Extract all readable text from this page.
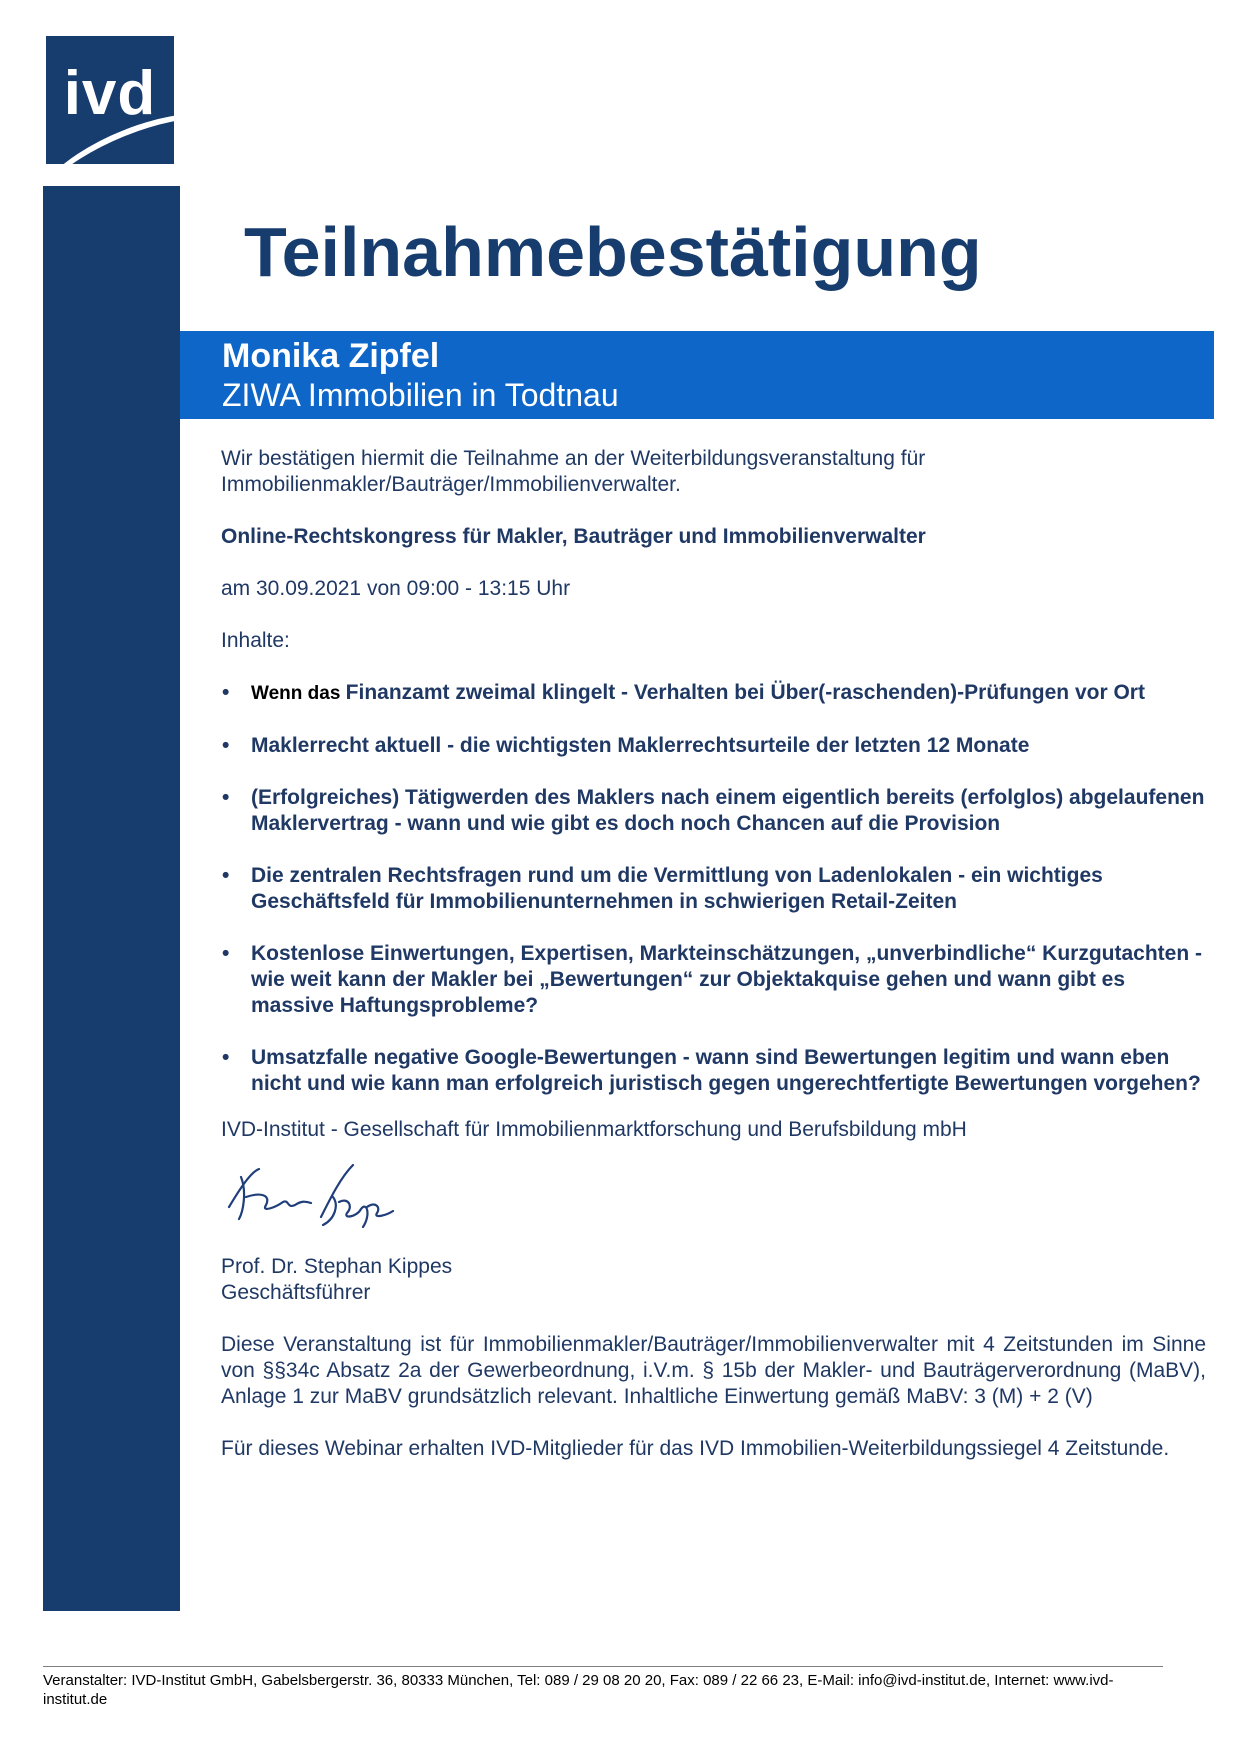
ivd
Teilnahmebestätigung
Monika Zipfel
ZIWA Immobilien in Todtnau

Wir bestätigen hiermit die Teilnahme an der Weiterbildungsveranstaltung für Immobilienmakler/Bauträger/Immobilienverwalter.

Online-Rechtskongress für Makler, Bauträger und Immobilienverwalter

am 30.09.2021 von 09:00 - 13:15 Uhr

Inhalte:

• Wenn das Finanzamt zweimal klingelt - Verhalten bei Über(-raschenden)-Prüfungen vor Ort
• Maklerrecht aktuell - die wichtigsten Maklerrechtsurteile der letzten 12 Monate
• (Erfolgreiches) Tätigwerden des Maklers nach einem eigentlich bereits (erfolglos) abgelaufenen Maklervertrag - wann und wie gibt es doch noch Chancen auf die Provision
• Die zentralen Rechtsfragen rund um die Vermittlung von Ladenlokalen - ein wichtiges Geschäftsfeld für Immobilienunternehmen in schwierigen Retail-Zeiten
• Kostenlose Einwertungen, Expertisen, Markteinschätzungen, „unverbindliche“ Kurzgutachten - wie weit kann der Makler bei „Bewertungen“ zur Objektakquise gehen und wann gibt es massive Haftungsprobleme?
• Umsatzfalle negative Google-Bewertungen - wann sind Bewertungen legitim und wann eben nicht und wie kann man erfolgreich juristisch gegen ungerechtfertigte Bewertungen vorgehen?

IVD-Institut - Gesellschaft für Immobilienmarktforschung und Berufsbildung mbH

Prof. Dr. Stephan Kippes

Geschäftsführer

Diese Veranstaltung ist für Immobilienmakler/Bauträger/Immobilienverwalter mit 4 Zeitstunden im Sinne von §§34c Absatz 2a der Gewerbeordnung, i.V.m. § 15b der Makler- und Bauträgerverordnung (MaBV), Anlage 1 zur MaBV grundsätzlich relevant. Inhaltliche Einwertung gemäß MaBV: 3 (M) + 2 (V)

Für dieses Webinar erhalten IVD-Mitglieder für das IVD Immobilien-Weiterbildungssiegel 4 Zeitstunde.

Veranstalter: IVD-Institut GmbH, Gabelsbergerstr. 36, 80333 München, Tel: 089 / 29 08 20 20, Fax: 089 / 22 66 23, E-Mail: info@ivd-institut.de, Internet: www.ivd-institut.de
